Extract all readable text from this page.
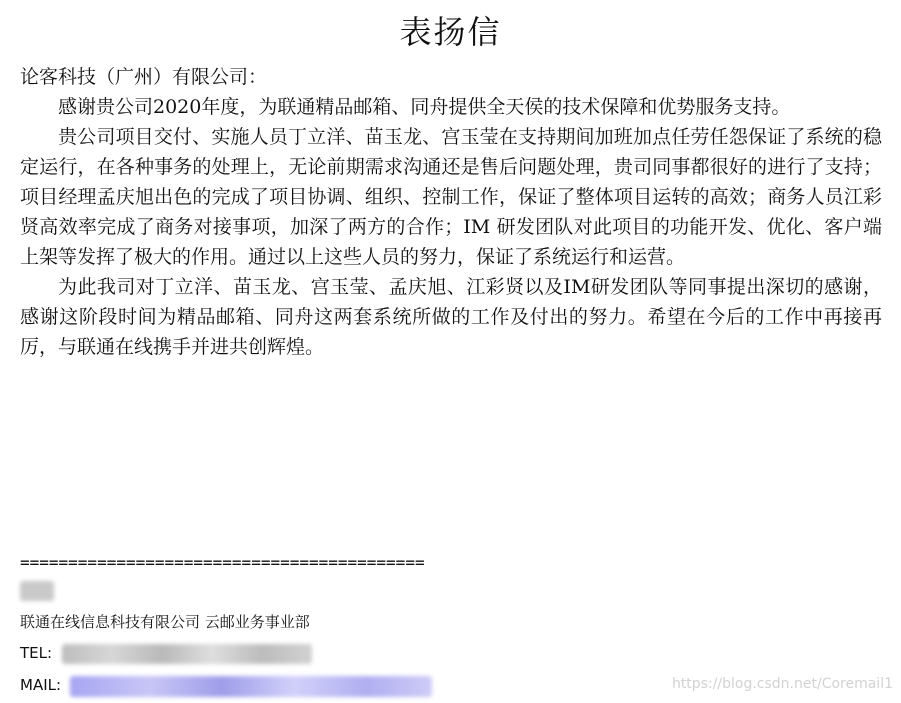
表扬信

论客科技（广州）有限公司：

感谢贵公司2020年度，为联通精品邮箱、同舟提供全天侯的技术保障和优势服务支持。

贵公司项目交付、实施人员丁立洋、苗玉龙、宫玉莹在支持期间加班加点任劳任怨保证了系统的稳定运行，在各种事务的处理上，无论前期需求沟通还是售后问题处理，贵司同事都很好的进行了支持；项目经理孟庆旭出色的完成了项目协调、组织、控制工作，保证了整体项目运转的高效；商务人员江彩贤高效率完成了商务对接事项，加深了两方的合作；IM 研发团队对此项目的功能开发、优化、客户端上架等发挥了极大的作用。通过以上这些人员的努力，保证了系统运行和运营。

为此我司对丁立洋、苗玉龙、宫玉莹、孟庆旭、江彩贤以及IM研发团队等同事提出深切的感谢，感谢这阶段时间为精品邮箱、同舟这两套系统所做的工作及付出的努力。希望在今后的工作中再接再厉，与联通在线携手并进共创辉煌。

==========================================
联通在线信息科技有限公司 云邮业务事业部
TEL:
MAIL:	https://blog.csdn.net/Coremail1
